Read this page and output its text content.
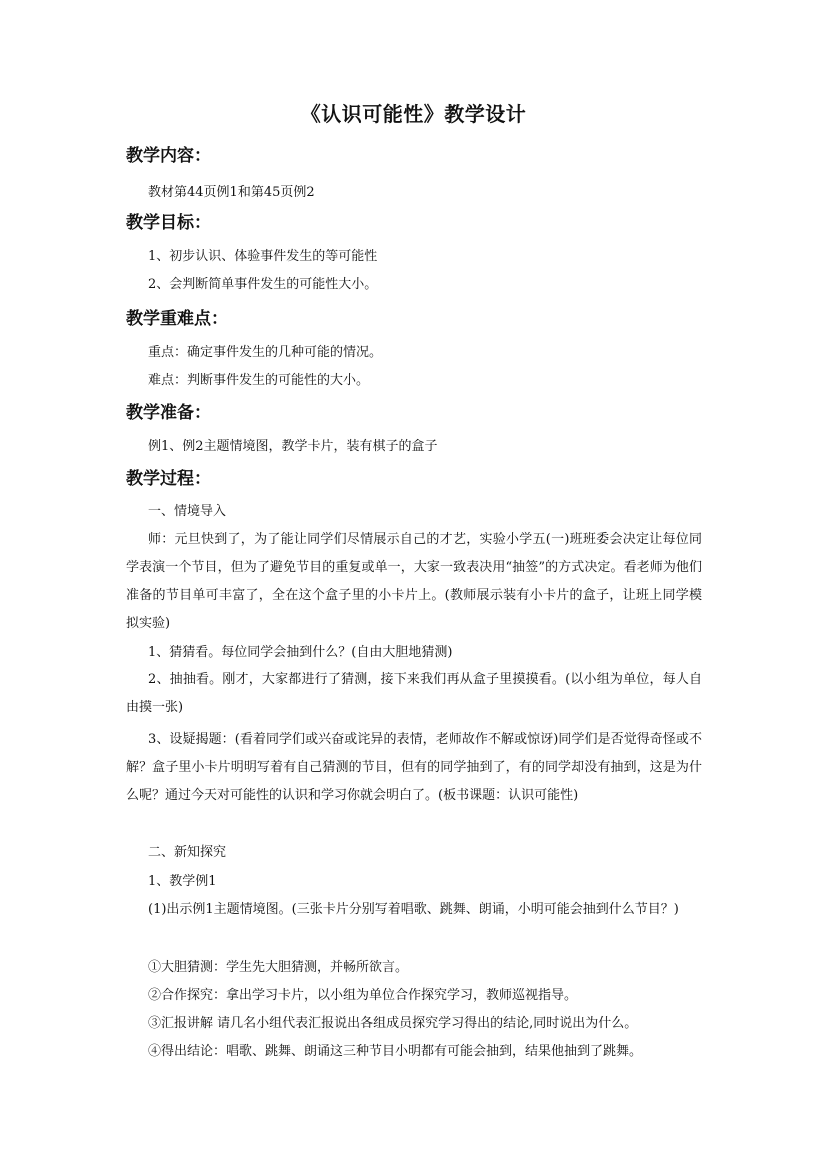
《认识可能性》教学设计
教学内容：
教材第44页例1和第45页例2
教学目标：
1、初步认识、体验事件发生的等可能性
2、会判断简单事件发生的可能性大小。
教学重难点：
重点：确定事件发生的几种可能的情况。
难点：判断事件发生的可能性的大小。
教学准备：
例1、例2主题情境图，教学卡片，装有棋子的盒子
教学过程：
一、情境导入
师：元旦快到了，为了能让同学们尽情展示自己的才艺，实验小学五(一)班班委会决定让每位同学表演一个节目，但为了避免节目的重复或单一，大家一致表决用“抽签”的方式决定。看老师为他们准备的节目单可丰富了，全在这个盒子里的小卡片上。(教师展示装有小卡片的盒子，让班上同学模拟实验)
1、猜猜看。每位同学会抽到什么？(自由大胆地猜测)
2、抽抽看。刚才，大家都进行了猜测，接下来我们再从盒子里摸摸看。(以小组为单位，每人自由摸一张)
3、设疑揭题：(看着同学们或兴奋或诧异的表情，老师故作不解或惊讶)同学们是否觉得奇怪或不解？盒子里小卡片明明写着有自己猜测的节目，但有的同学抽到了，有的同学却没有抽到，这是为什么呢？通过今天对可能性的认识和学习你就会明白了。(板书课题：认识可能性)
二、新知探究
1、教学例1
(1)出示例1主题情境图。(三张卡片分别写着唱歌、跳舞、朗诵，小明可能会抽到什么节目？)
①大胆猜测：学生先大胆猜测，并畅所欲言。
②合作探究：拿出学习卡片，以小组为单位合作探究学习，教师巡视指导。
③汇报讲解 请几名小组代表汇报说出各组成员探究学习得出的结论,同时说出为什么。
④得出结论：唱歌、跳舞、朗诵这三种节目小明都有可能会抽到，结果他抽到了跳舞。
